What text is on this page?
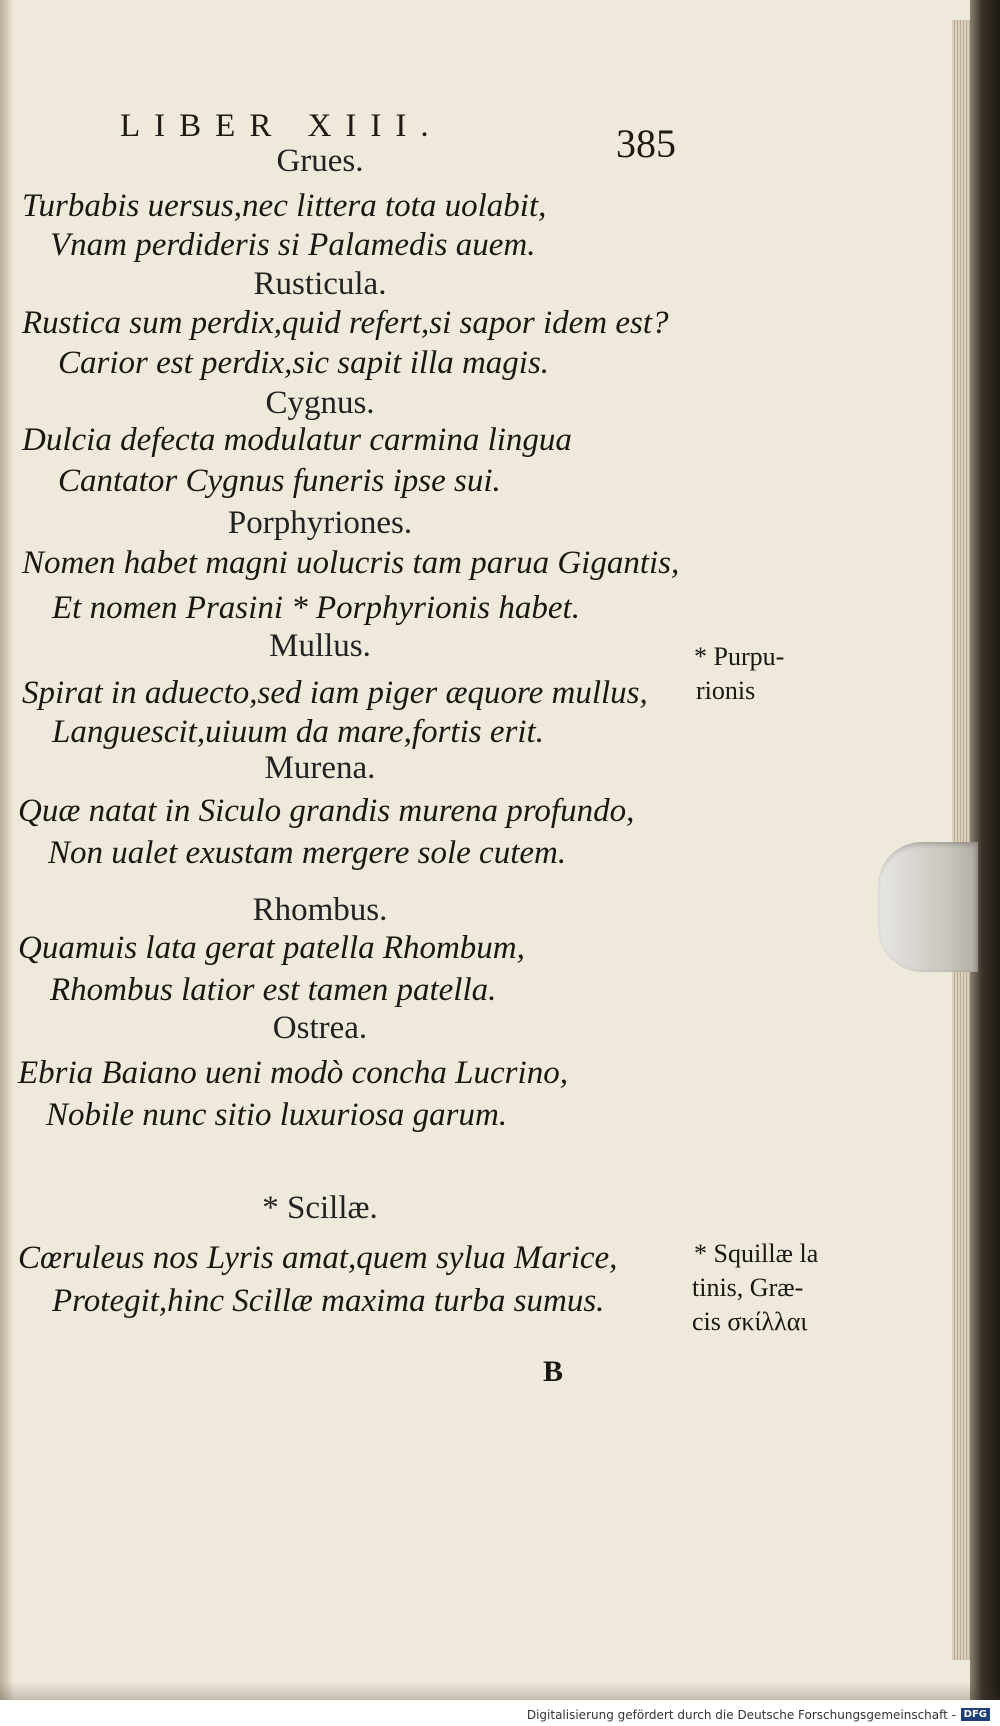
LIBER XIII.	385
Grues.
Turbabis uersus,nec littera tota uolabit,
Vnam perdideris si Palamedis auem.
Rusticula.
Rustica sum perdix,quid refert,si sapor idem est?
Carior est perdix,sic sapit illa magis.
Cygnus.
Dulcia defecta modulatur carmina lingua
Cantator Cygnus funeris ipse sui.
Porphyriones.
Nomen habet magni uolucris tam parua Gigantis,
Et nomen Prasini * Porphyrionis habet.
Mullus.
Spirat in aduecto,sed iam piger æquore mullus,
Languescit,uiuum da mare,fortis erit.
Murena.
Quæ natat in Siculo grandis murena profundo,
Non ualet exustam mergere sole cutem.
Rhombus.
Quamuis lata gerat patella Rhombum,
Rhombus latior est tamen patella.
Ostrea.
Ebria Baiano ueni modò concha Lucrino,
Nobile nunc sitio luxuriosa garum.
* Scillæ.
Cœruleus nos Lyris amat,quem sylua Marice,
Protegit,hinc Scillæ maxima turba sumus.
* Purpu-
rionis
* Squillæ la
tinis, Græ-
cis σκίλλαι
B
Digitalisierung gefördert durch die Deutsche Forschungsgemeinschaft - DFG
